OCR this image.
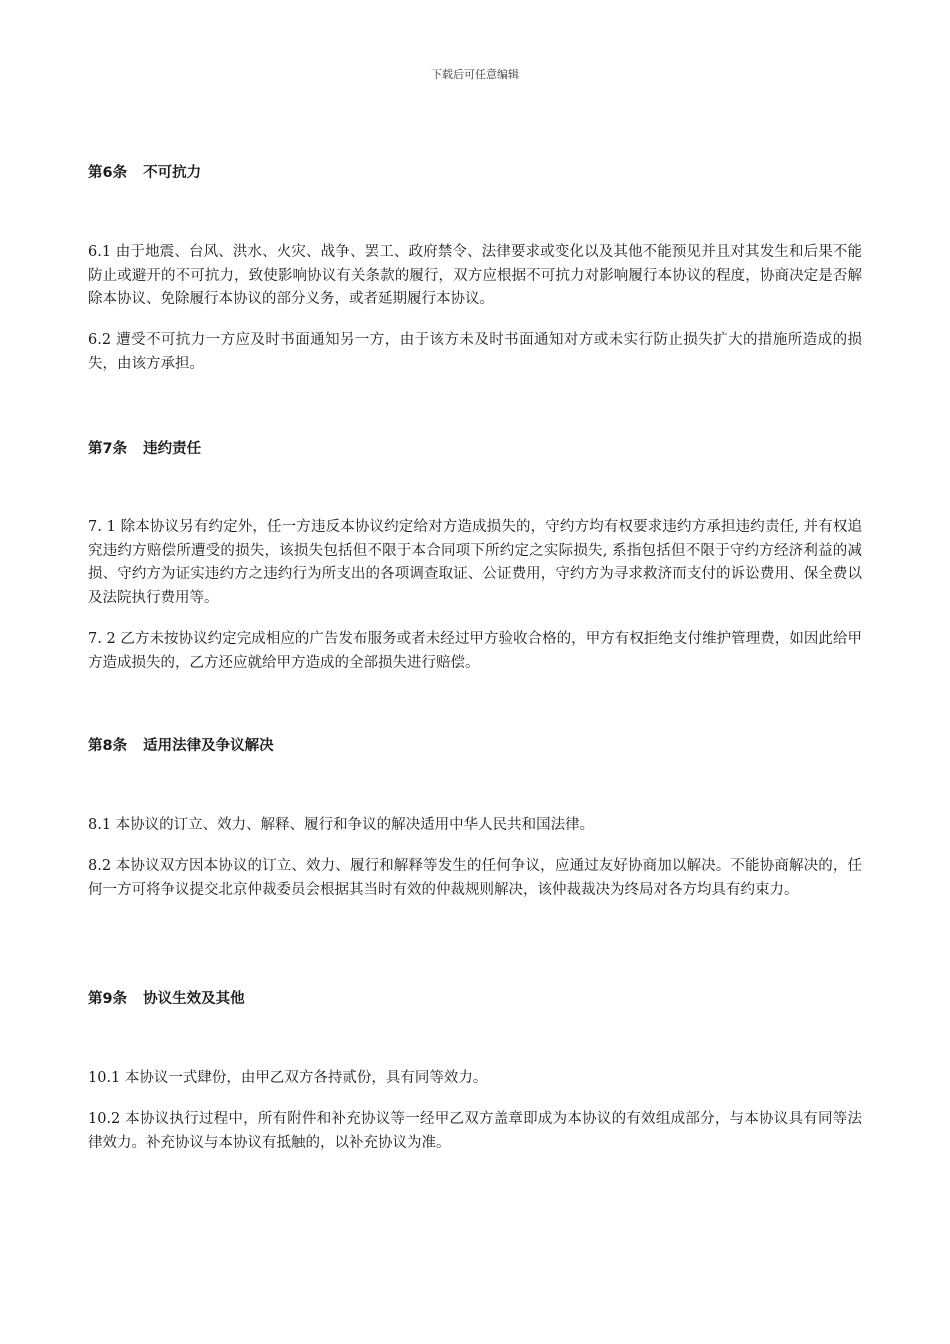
下载后可任意编辑
第6条 不可抗力

6.1 由于地震、台风、洪水、火灾、战争、罢工、政府禁令、法律要求或变化以及其他不能预见并且对其发生和后果不能防止或避开的不可抗力，致使影响协议有关条款的履行，双方应根据不可抗力对影响履行本协议的程度，协商决定是否解除本协议、免除履行本协议的部分义务，或者延期履行本协议。

6.2 遭受不可抗力一方应及时书面通知另一方，由于该方未及时书面通知对方或未实行防止损失扩大的措施所造成的损失，由该方承担。

第7条 违约责任

7. 1 除本协议另有约定外，任一方违反本协议约定给对方造成损失的，守约方均有权要求违约方承担违约责任, 并有权追究违约方赔偿所遭受的损失，该损失包括但不限于本合同项下所约定之实际损失, 系指包括但不限于守约方经济利益的减损、守约方为证实违约方之违约行为所支出的各项调查取证、公证费用，守约方为寻求救济而支付的诉讼费用、保全费以及法院执行费用等。

7. 2 乙方未按协议约定完成相应的广告发布服务或者未经过甲方验收合格的，甲方有权拒绝支付维护管理费，如因此给甲方造成损失的，乙方还应就给甲方造成的全部损失进行赔偿。

第8条 适用法律及争议解决

8.1 本协议的订立、效力、解释、履行和争议的解决适用中华人民共和国法律。

8.2 本协议双方因本协议的订立、效力、履行和解释等发生的任何争议，应通过友好协商加以解决。不能协商解决的，任何一方可将争议提交北京仲裁委员会根据其当时有效的仲裁规则解决，该仲裁裁决为终局对各方均具有约束力。

第9条 协议生效及其他

10.1 本协议一式肆份，由甲乙双方各持贰份，具有同等效力。

10.2 本协议执行过程中，所有附件和补充协议等一经甲乙双方盖章即成为本协议的有效组成部分，与本协议具有同等法律效力。补充协议与本协议有抵触的，以补充协议为准。
